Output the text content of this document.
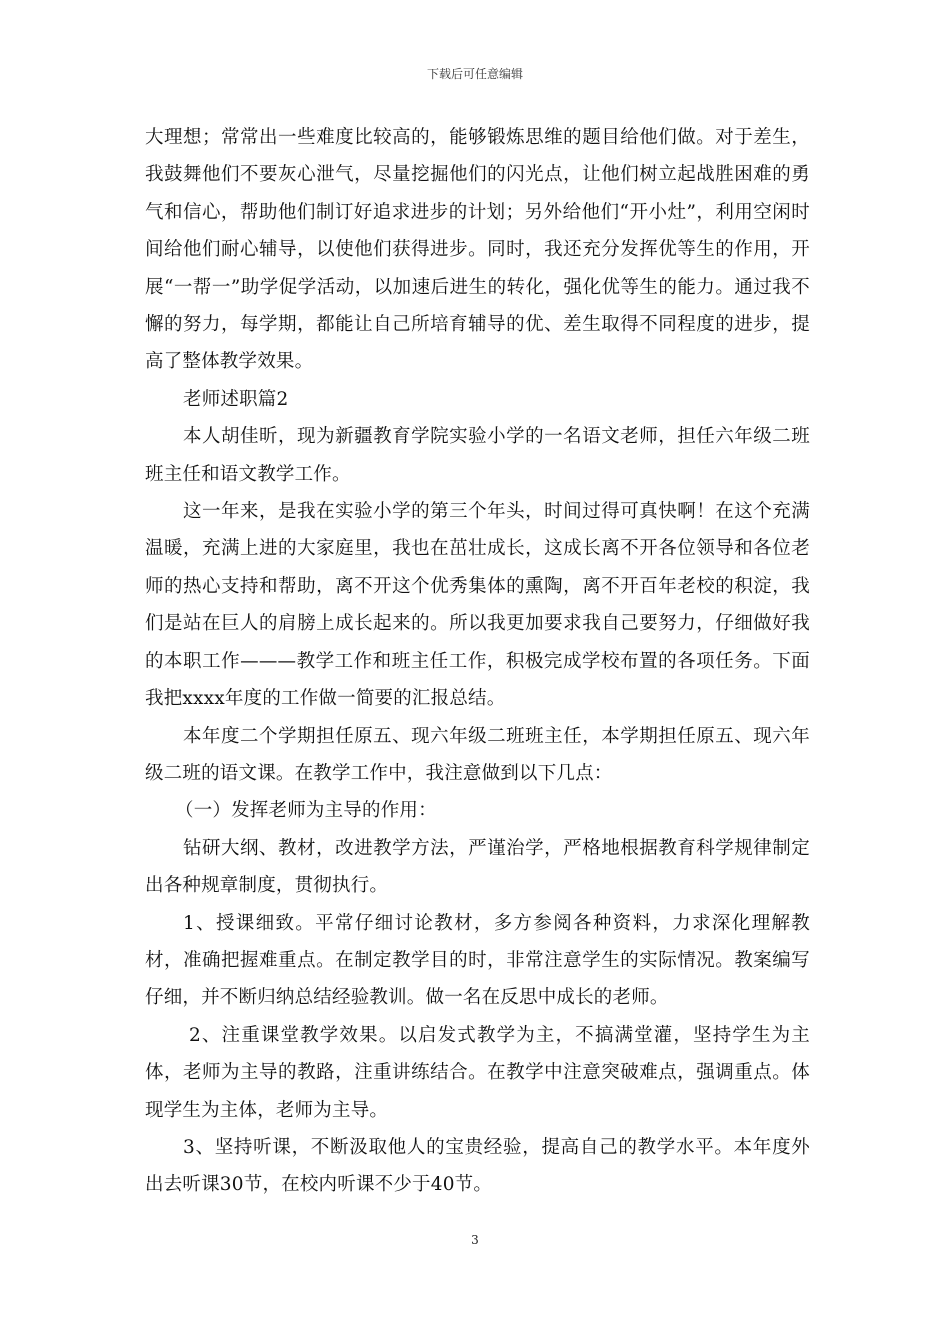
下载后可任意编辑

大理想；常常出一些难度比较高的，能够锻炼思维的题目给他们做。对于差生，我鼓舞他们不要灰心泄气，尽量挖掘他们的闪光点，让他们树立起战胜困难的勇气和信心，帮助他们制订好追求进步的计划；另外给他们“开小灶”，利用空闲时间给他们耐心辅导，以使他们获得进步。同时，我还充分发挥优等生的作用，开展“一帮一”助学促学活动，以加速后进生的转化，强化优等生的能力。通过我不懈的努力，每学期，都能让自己所培育辅导的优、差生取得不同程度的进步，提高了整体教学效果。

老师述职篇2

本人胡佳昕，现为新疆教育学院实验小学的一名语文老师，担任六年级二班班主任和语文教学工作。

这一年来，是我在实验小学的第三个年头，时间过得可真快啊！在这个充满温暖，充满上进的大家庭里，我也在茁壮成长，这成长离不开各位领导和各位老师的热心支持和帮助，离不开这个优秀集体的熏陶，离不开百年老校的积淀，我们是站在巨人的肩膀上成长起来的。所以我更加要求我自己要努力，仔细做好我的本职工作———教学工作和班主任工作，积极完成学校布置的各项任务。下面我把xxxx年度的工作做一简要的汇报总结。

本年度二个学期担任原五、现六年级二班班主任，本学期担任原五、现六年级二班的语文课。在教学工作中，我注意做到以下几点：

（一）发挥老师为主导的作用：

钻研大纲、教材，改进教学方法，严谨治学，严格地根据教育科学规律制定出各种规章制度，贯彻执行。

1、授课细致。平常仔细讨论教材，多方参阅各种资料，力求深化理解教材，准确把握难重点。在制定教学目的时，非常注意学生的实际情况。教案编写仔细，并不断归纳总结经验教训。做一名在反思中成长的老师。

2、注重课堂教学效果。以启发式教学为主，不搞满堂灌，坚持学生为主体，老师为主导的教路，注重讲练结合。在教学中注意突破难点，强调重点。体现学生为主体，老师为主导。

3、坚持听课，不断汲取他人的宝贵经验，提高自己的教学水平。本年度外出去听课30节，在校内听课不少于40节。

3
